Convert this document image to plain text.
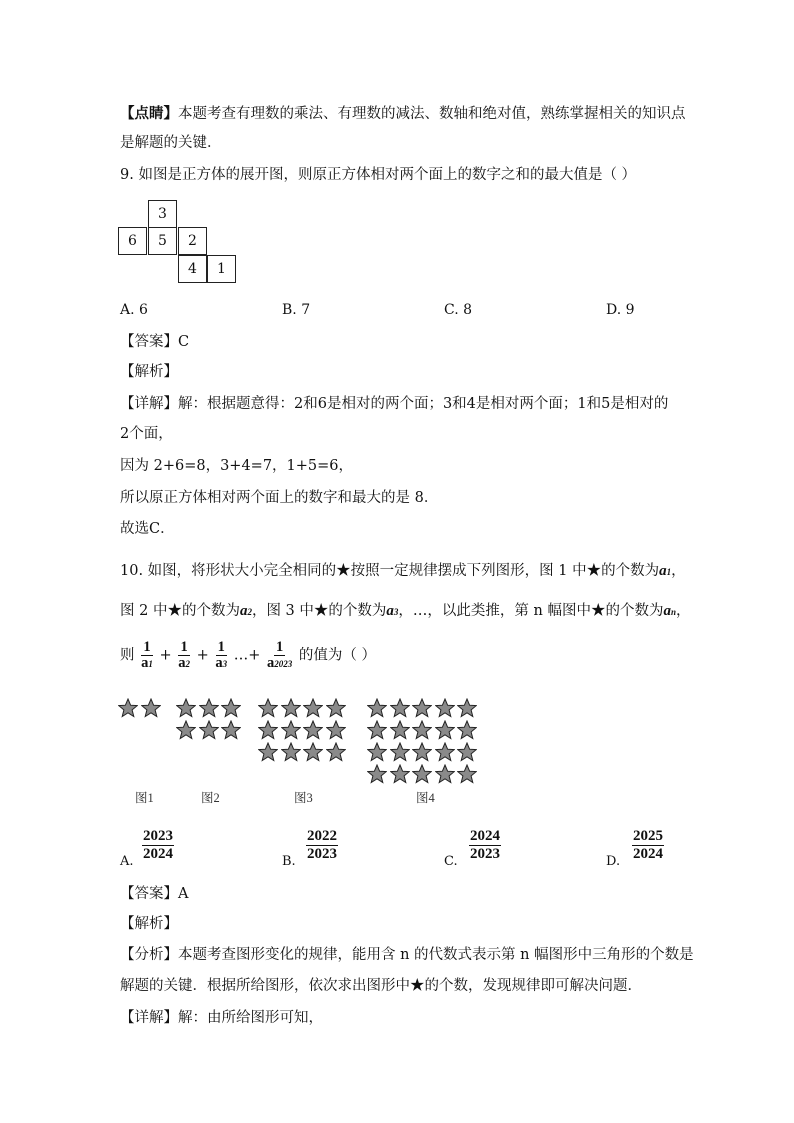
【点睛】本题考查有理数的乘法、有理数的减法、数轴和绝对值，熟练掌握相关的知识点
是解题的关键．
9. 如图是正方体的展开图，则原正方体相对两个面上的数字之和的最大值是（ ）
3
6	5	2
4	1
A. 6	B. 7	C. 8	D. 9
【答案】C
【解析】
【详解】解：根据题意得：2和6是相对的两个面；3和4是相对两个面；1和5是相对的
2个面，
因为 2+6=8，3+4=7，1+5=6，
所以原正方体相对两个面上的数字和最大的是 8．
故选C．
10. 如图，将形状大小完全相同的★按照一定规律摆成下列图形，图 1 中★的个数为a1，
图 2 中★的个数为a2，图 3 中★的个数为a3，…，以此类推，第 n 幅图中★的个数为an，
则 $\frac{1}{a1} + \frac{1}{a2} + \frac{1}{a3}$ …+ $\frac{1}{a2023}$ 的值为（ ）
图1	图2	图3	图4
A.
2023
2024	B.
2022
2023	C.
2024
2023	D.
2025
2024
【答案】A
【解析】
【分析】本题考查图形变化的规律，能用含 n 的代数式表示第 n 幅图形中三角形的个数是
解题的关键．根据所给图形，依次求出图形中★的个数，发现规律即可解决问题．
【详解】解：由所给图形可知，
